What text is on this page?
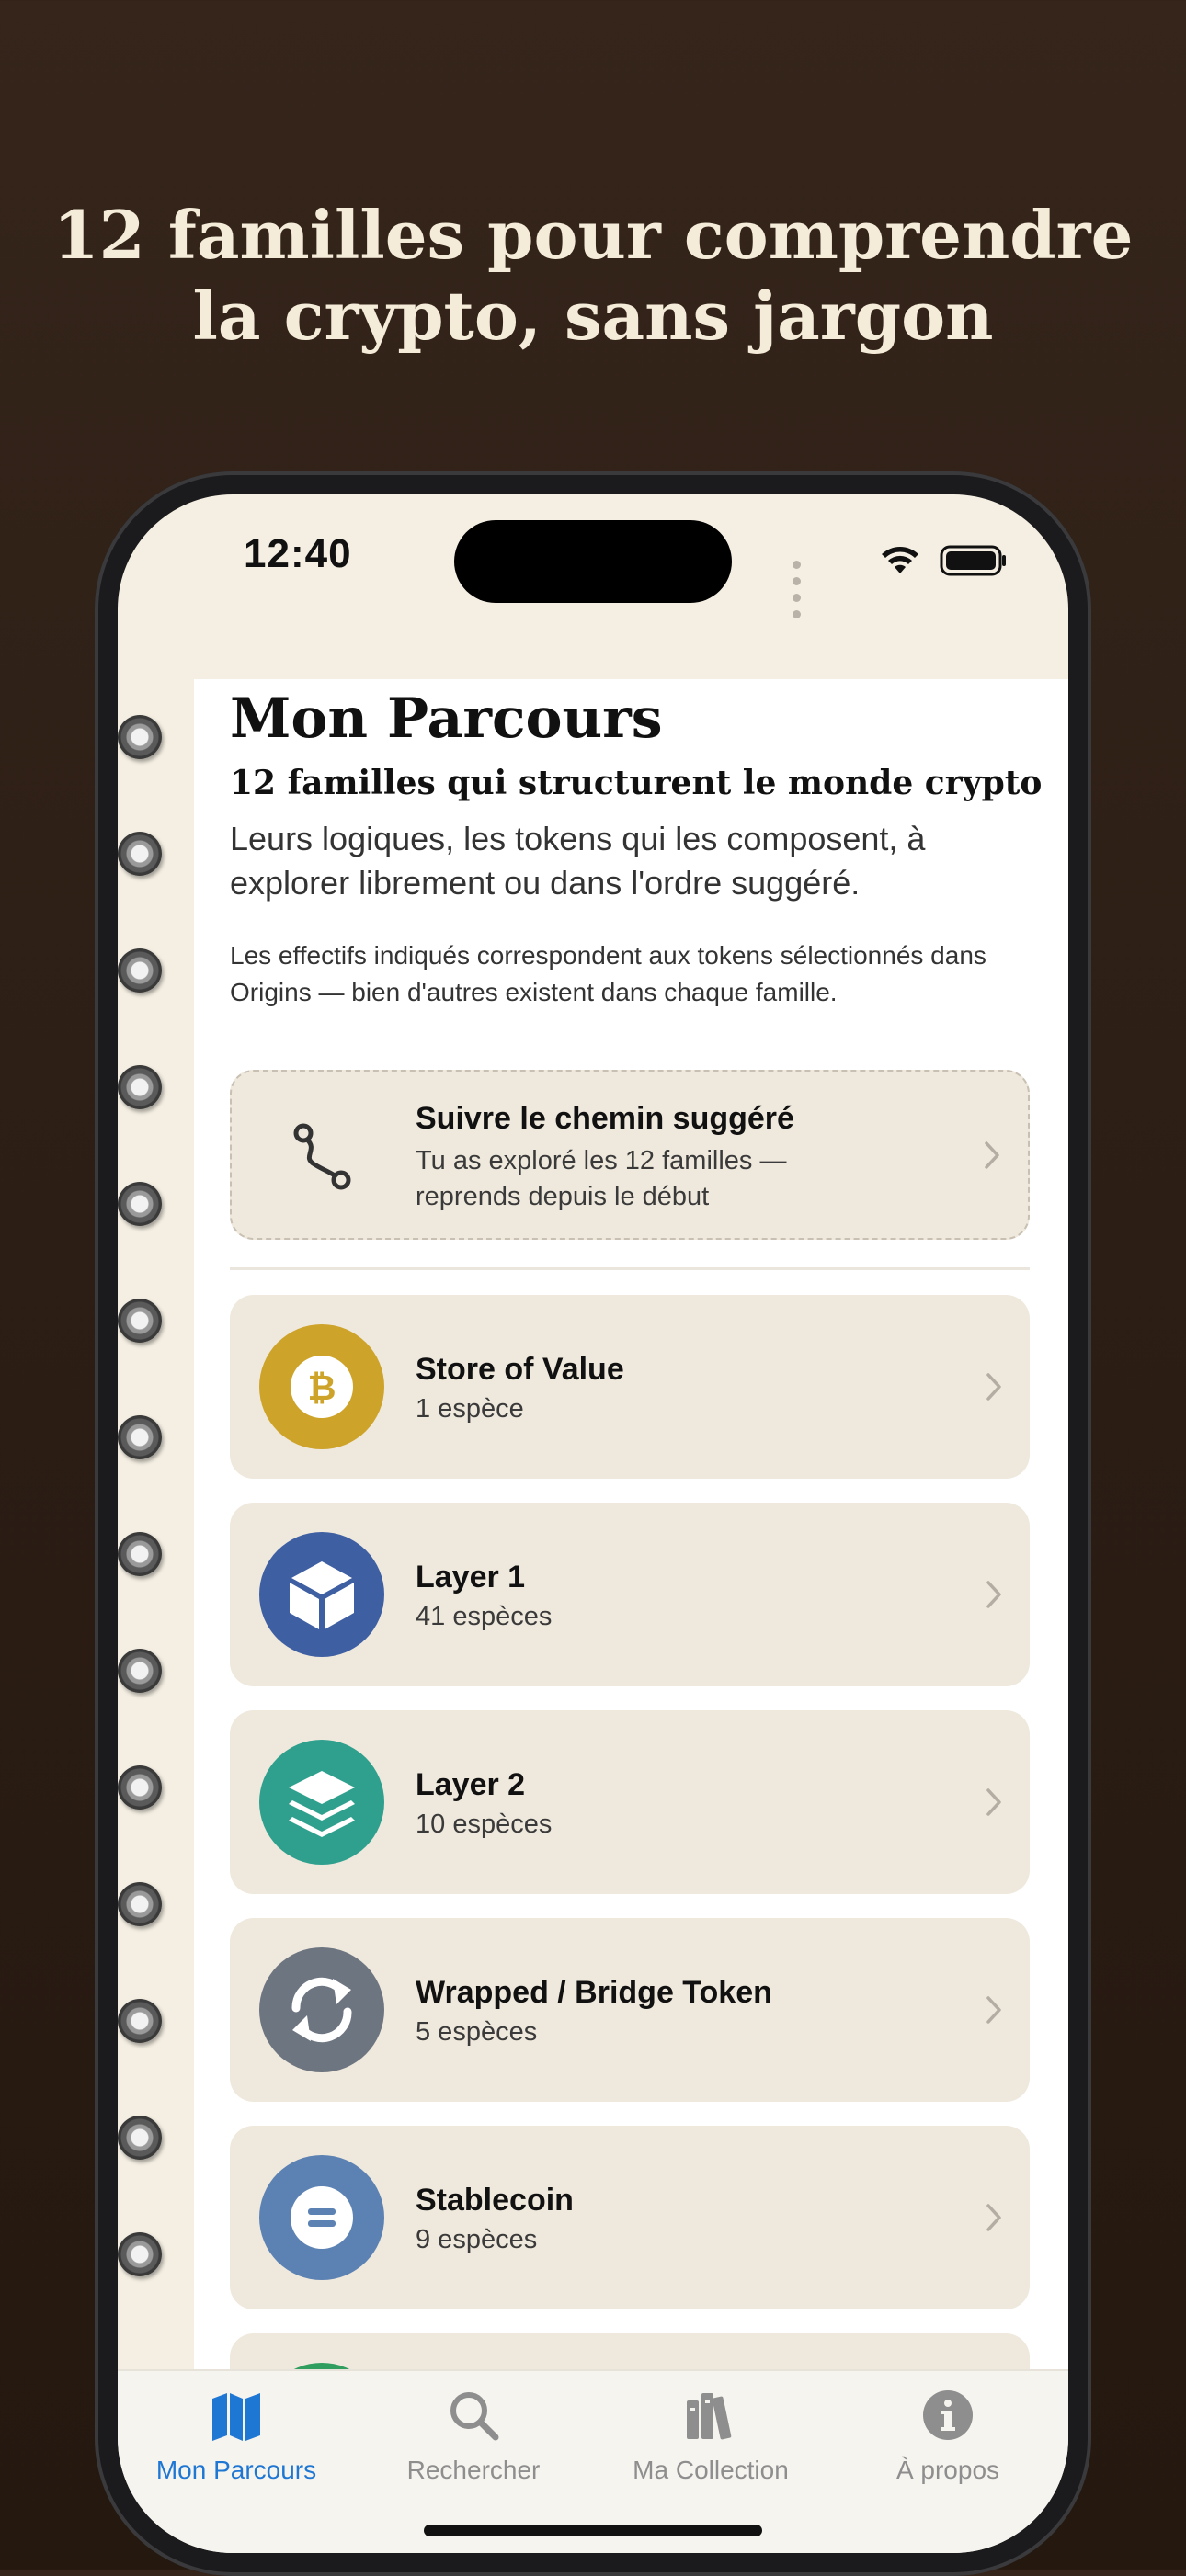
12 familles pour comprendre
la crypto, sans jargon
12:40
Mon Parcours
12 familles qui structurent le monde crypto

Leurs logiques, les tokens qui les composent, à explorer librement ou dans l'ordre suggéré.

Les effectifs indiqués correspondent aux tokens sélectionnés dans Origins — bien d'autres existent dans chaque famille.

Suivre le chemin suggéré
Tu as exploré les 12 familles — reprends depuis le début
₿	Store of Value
1 espèce
Layer 1
41 espèces
Layer 2
10 espèces
Wrapped / Bridge Token
5 espèces
Stablecoin
9 espèces
Mon Parcours	Rechercher	Ma Collection	À propos
